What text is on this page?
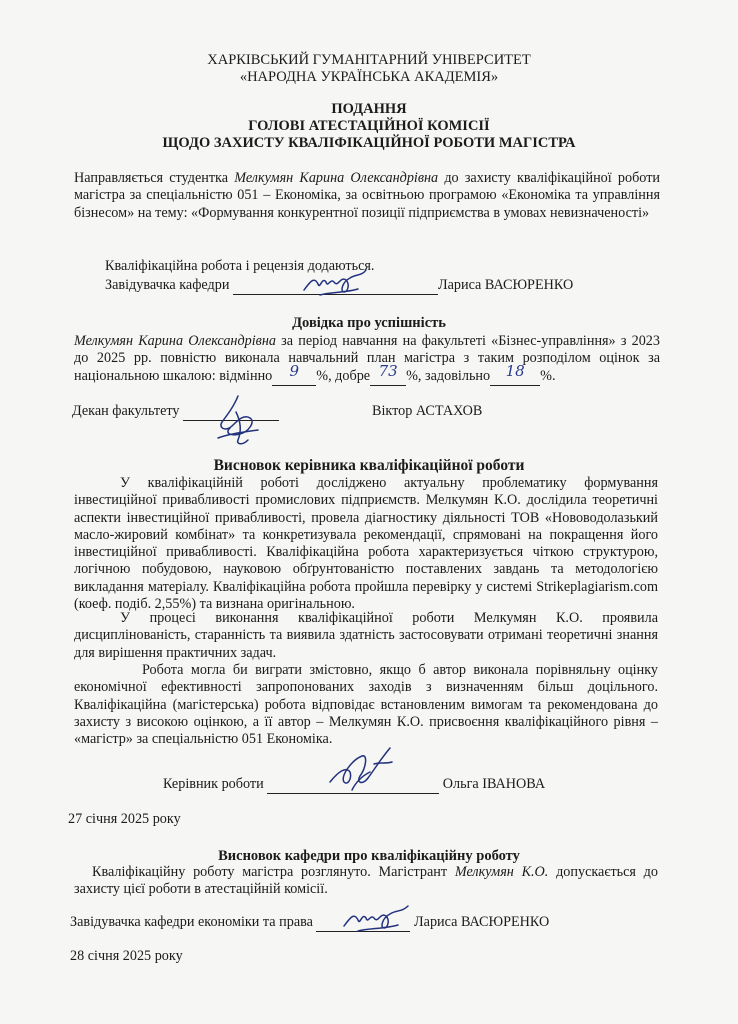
ХАРКІВСЬКИЙ ГУМАНІТАРНИЙ УНІВЕРСИТЕТ
«НАРОДНА УКРАЇНСЬКА АКАДЕМІЯ»
ПОДАННЯ
ГОЛОВІ АТЕСТАЦІЙНОЇ КОМІСІЇ
ЩОДО ЗАХИСТУ КВАЛІФІКАЦІЙНОЇ РОБОТИ МАГІСТРА
Направляється студентка Мелкумян Карина Олександрівна до захисту кваліфікаційної роботи магістра за спеціальністю 051 – Економіка, за освітньою програмою «Економіка та управління бізнесом» на тему: «Формування конкурентної позиції підприємства в умовах невизначеності»
Кваліфікаційна робота і рецензія додаються.
Завідувачка кафедри	Лариса ВАСЮРЕНКО
Довідка про успішність
Мелкумян Карина Олександрівна за період навчання на факультеті «Бізнес-управління» з 2023 до 2025 рр. повністю виконала навчальний план магістра з таким розподілом оцінок за національною шкалою: відмінно	9	%, добре 73 %, задовільно	18	%.
Декан факультету	Віктор АСТАХОВ
Висновок керівника кваліфікаційної роботи
У кваліфікаційній роботі досліджено актуальну проблематику формування інвестиційної привабливості промислових підприємств. Мелкумян К.О. дослідила теоретичні аспекти інвестиційної привабливості, провела діагностику діяльності ТОВ «Нововодолазький масло-жировий комбінат» та конкретизувала рекомендації, спрямовані на покращення його інвестиційної привабливості. Кваліфікаційна робота характеризується чіткою структурою, логічною побудовою, науковою обґрунтованістю поставлених завдань та методологією викладання матеріалу. Кваліфікаційна робота пройшла перевірку у системі Strikeplagiarism.com (коеф. подіб. 2,55%) та визнана оригінальною.
У процесі виконання кваліфікаційної роботи Мелкумян К.О. проявила дисциплінованість, старанність та виявила здатність застосовувати отримані теоретичні знання для вирішення практичних задач.
Робота могла би виграти змістовно, якщо б автор виконала порівняльну оцінку економічної ефективності запропонованих заходів з визначенням більш доцільного. Кваліфікаційна (магістерська) робота відповідає встановленим вимогам та рекомендована до захисту з високою оцінкою, а її автор – Мелкумян К.О. присвоєння кваліфікаційного рівня – «магістр» за спеціальністю 051 Економіка.
Керівник роботи	Ольга ІВАНОВА
27 січня 2025 року
Висновок кафедри про кваліфікаційну роботу
Кваліфікаційну роботу магістра розглянуто. Магістрант Мелкумян К.О. допускається до захисту цієї роботи в атестаційній комісії.
Завідувачка кафедри економіки та права	Лариса ВАСЮРЕНКО
28 січня 2025 року
